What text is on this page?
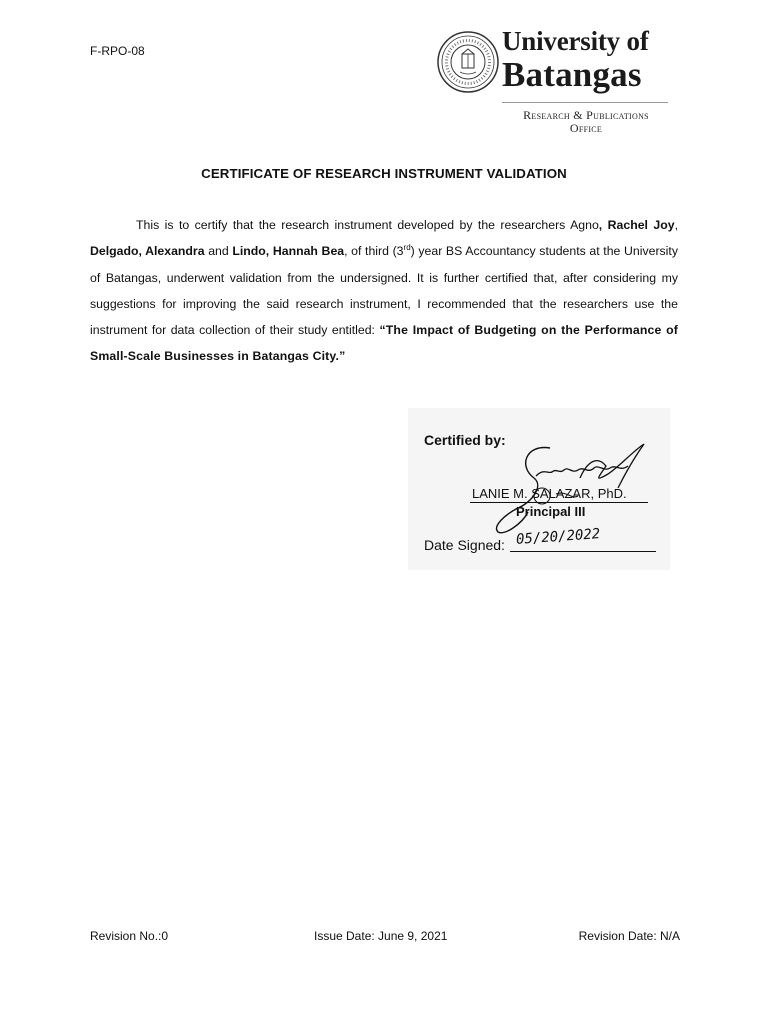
F-RPO-08	University of
Batangas
Research & Publications
Office
CERTIFICATE OF RESEARCH INSTRUMENT VALIDATION
This is to certify that the research instrument developed by the researchers Agno, Rachel Joy, Delgado, Alexandra and Lindo, Hannah Bea, of third (3rd) year BS Accountancy students at the University of Batangas, underwent validation from the undersigned. It is further certified that, after considering my suggestions for improving the said research instrument, I recommended that the researchers use the instrument for data collection of their study entitled: “The Impact of Budgeting on the Performance of Small-Scale Businesses in Batangas City.”
Certified by:
LANIE M. SALAZAR, PhD.
Principal III
Date Signed: 05/20/2022
Revision No.:0	Issue Date: June 9, 2021	Revision Date: N/A
